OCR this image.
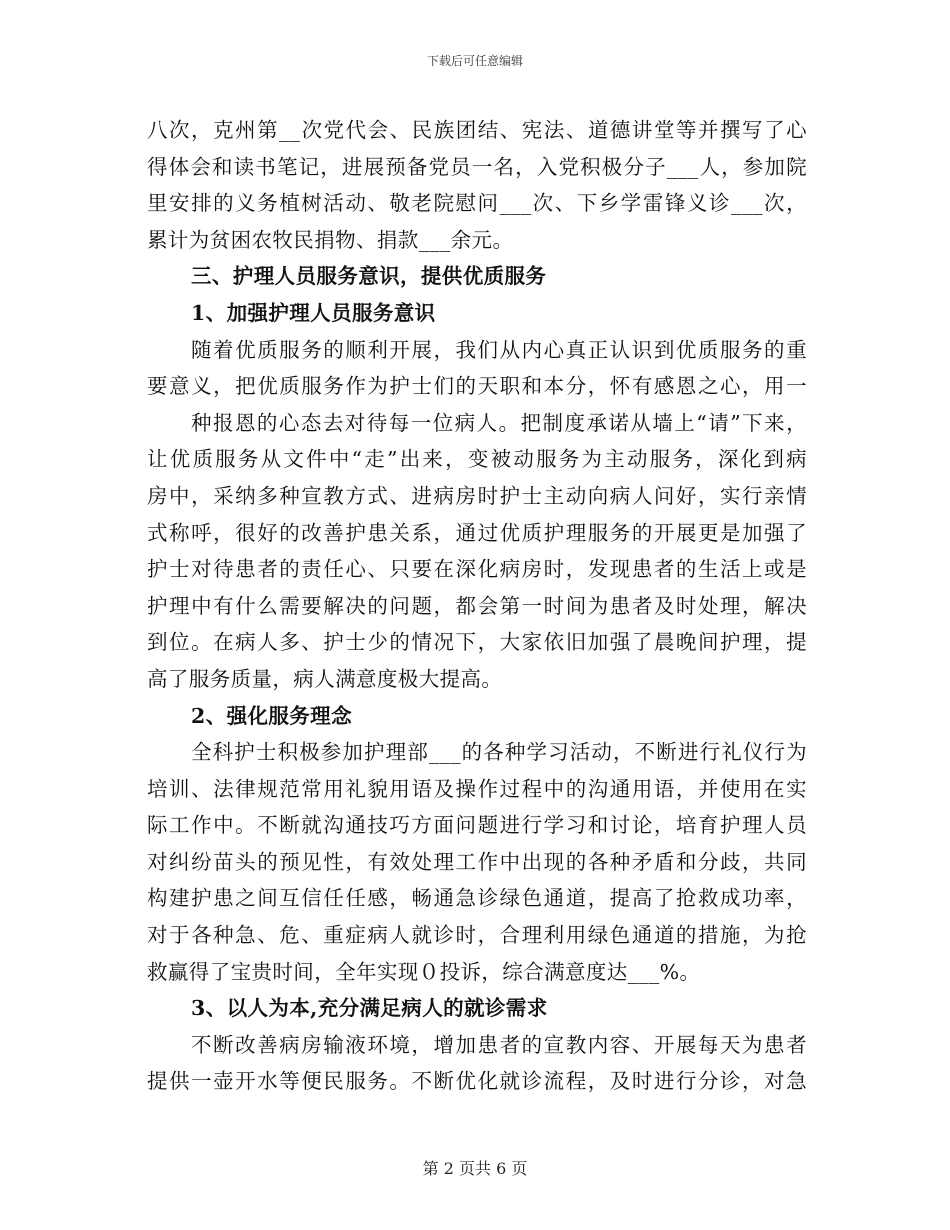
下载后可任意编辑
八次，克州第__次党代会、民族团结、宪法、道德讲堂等并撰写了心
得体会和读书笔记，进展预备党员一名，入党积极分子___人，参加院
里安排的义务植树活动、敬老院慰问___次、下乡学雷锋义诊___次，
累计为贫困农牧民捐物、捐款___余元。
三、护理人员服务意识，提供优质服务
1、加强护理人员服务意识
随着优质服务的顺利开展，我们从内心真正认识到优质服务的重
要意义，把优质服务作为护士们的天职和本分，怀有感恩之心，用一
种报恩的心态去对待每一位病人。把制度承诺从墙上“请”下来，
让优质服务从文件中“走”出来，变被动服务为主动服务，深化到病
房中，采纳多种宣教方式、进病房时护士主动向病人问好，实行亲情
式称呼，很好的改善护患关系，通过优质护理服务的开展更是加强了
护士对待患者的责任心、只要在深化病房时，发现患者的生活上或是
护理中有什么需要解决的问题，都会第一时间为患者及时处理，解决
到位。在病人多、护士少的情况下，大家依旧加强了晨晚间护理，提
高了服务质量，病人满意度极大提高。
2、强化服务理念
全科护士积极参加护理部___的各种学习活动，不断进行礼仪行为
培训、法律规范常用礼貌用语及操作过程中的沟通用语，并使用在实
际工作中。不断就沟通技巧方面问题进行学习和讨论，培育护理人员
对纠纷苗头的预见性，有效处理工作中出现的各种矛盾和分歧，共同
构建护患之间互信任任感，畅通急诊绿色通道，提高了抢救成功率，
对于各种急、危、重症病人就诊时，合理利用绿色通道的措施，为抢
救赢得了宝贵时间，全年实现０投诉，综合满意度达___%。
3、以人为本,充分满足病人的就诊需求
不断改善病房输液环境，增加患者的宣教内容、开展每天为患者
提供一壶开水等便民服务。不断优化就诊流程，及时进行分诊，对急
第 2 页共 6 页
